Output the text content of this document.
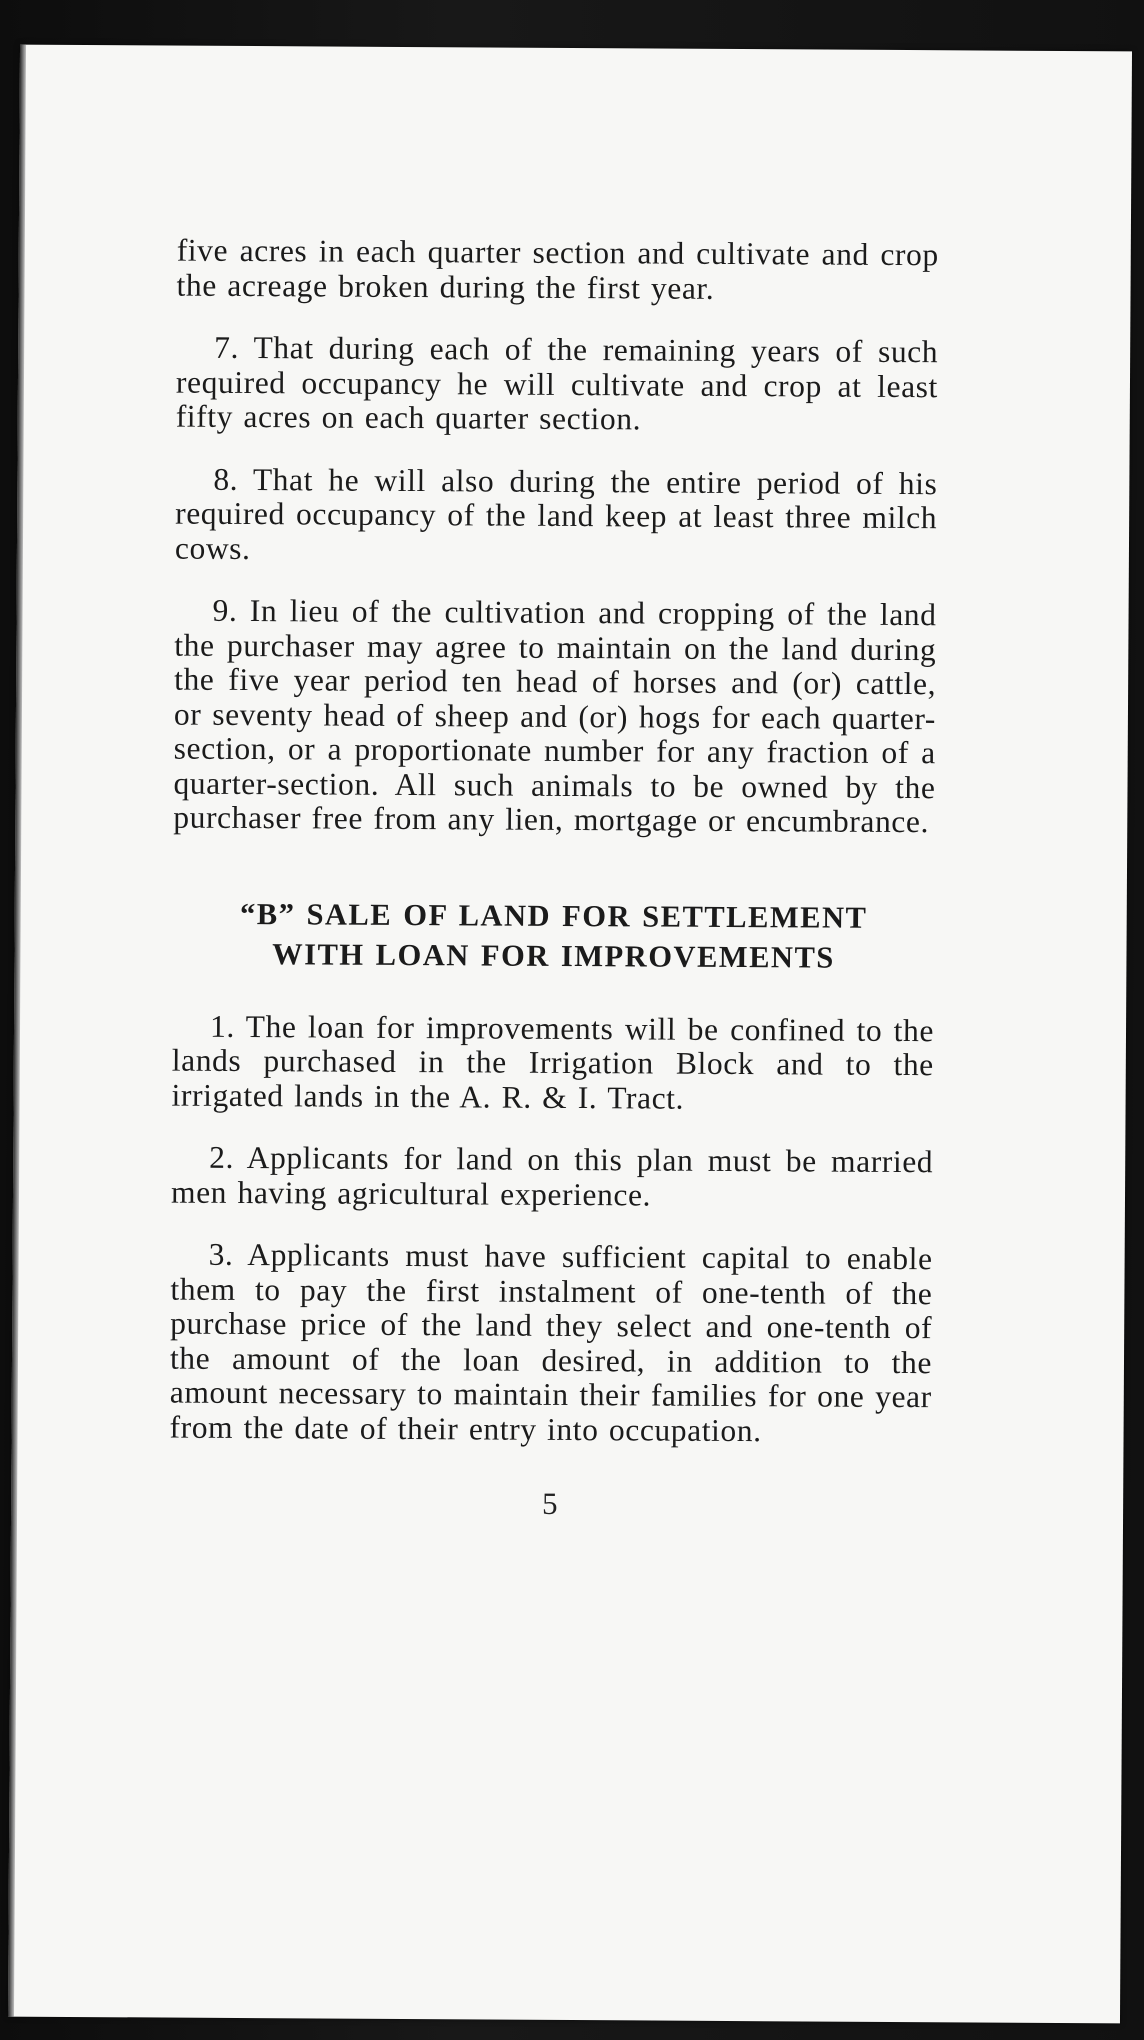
five acres in each quarter section and cultivate and crop the acreage broken during the first year.

7. That during each of the remaining years of such required occupancy he will cultivate and crop at least fifty acres on each quarter section.

8. That he will also during the entire period of his required occupancy of the land keep at least three milch cows.

9. In lieu of the cultivation and cropping of the land the purchaser may agree to maintain on the land during the five year period ten head of horses and (or) cattle, or seventy head of sheep and (or) hogs for each quarter-section, or a proportionate number for any fraction of a quarter-section. All such animals to be owned by the purchaser free from any lien, mortgage or encumbrance.

“B” SALE OF LAND FOR SETTLEMENT
WITH LOAN FOR IMPROVEMENTS

1. The loan for improvements will be confined to the lands purchased in the Irrigation Block and to the irrigated lands in the A. R. & I. Tract.

2. Applicants for land on this plan must be married men having agricultural experience.

3. Applicants must have sufficient capital to enable them to pay the first instalment of one-tenth of the purchase price of the land they select and one-tenth of the amount of the loan desired, in addition to the amount necessary to maintain their families for one year from the date of their entry into occupation.

5
